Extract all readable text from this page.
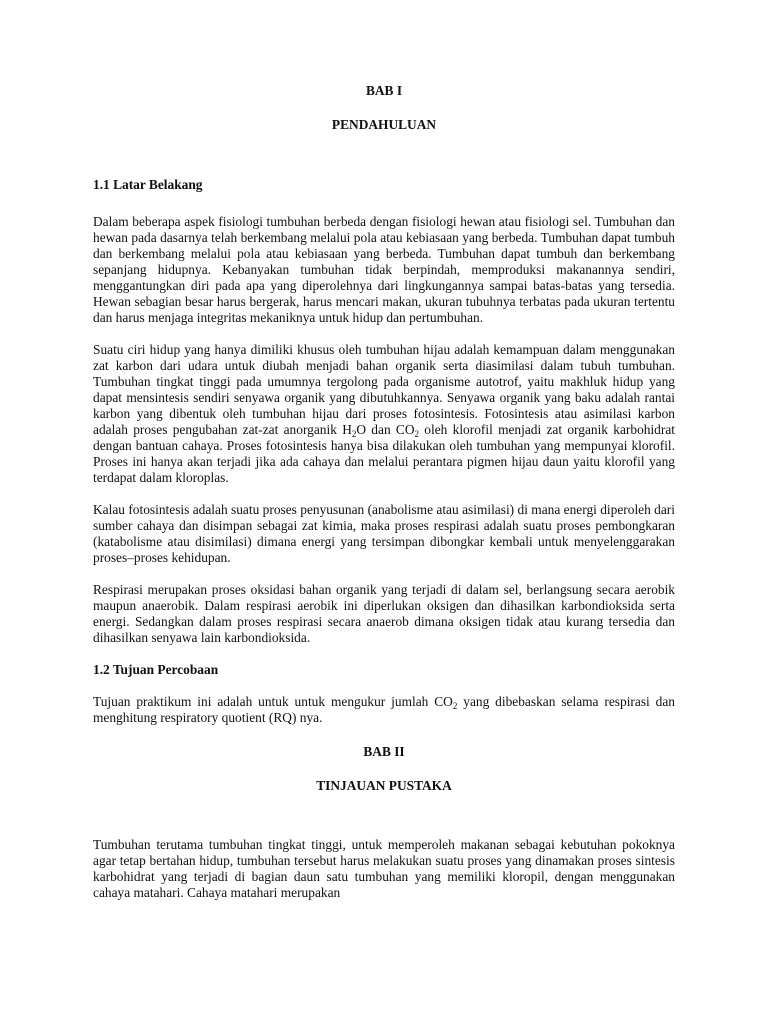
BAB I
PENDAHULUAN
1.1 Latar Belakang
Dalam beberapa aspek fisiologi tumbuhan berbeda dengan fisiologi hewan atau fisiologi sel. Tumbuhan dan hewan pada dasarnya telah berkembang melalui pola atau kebiasaan yang berbeda. Tumbuhan dapat tumbuh dan berkembang melalui pola atau kebiasaan yang berbeda. Tumbuhan dapat tumbuh dan berkembang sepanjang hidupnya. Kebanyakan tumbuhan tidak berpindah, memproduksi makanannya sendiri, menggantungkan diri pada apa yang diperolehnya dari lingkungannya sampai batas-batas yang tersedia. Hewan sebagian besar harus bergerak, harus mencari makan, ukuran tubuhnya terbatas pada ukuran tertentu dan harus menjaga integritas mekaniknya untuk hidup dan pertumbuhan.
Suatu ciri hidup yang hanya dimiliki khusus oleh tumbuhan hijau adalah kemampuan dalam menggunakan zat karbon dari udara untuk diubah menjadi bahan organik serta diasimilasi dalam tubuh tumbuhan. Tumbuhan tingkat tinggi pada umumnya tergolong pada organisme autotrof, yaitu makhluk hidup yang dapat mensintesis sendiri senyawa organik yang dibutuhkannya. Senyawa organik yang baku adalah rantai karbon yang dibentuk oleh tumbuhan hijau dari proses fotosintesis. Fotosintesis atau asimilasi karbon adalah proses pengubahan zat-zat anorganik $H_2O$ dan $CO_2$ oleh klorofil menjadi zat organik karbohidrat dengan bantuan cahaya. Proses fotosintesis hanya bisa dilakukan oleh tumbuhan yang mempunyai klorofil. Proses ini hanya akan terjadi jika ada cahaya dan melalui perantara pigmen hijau daun yaitu klorofil yang terdapat dalam kloroplas.
Kalau fotosintesis adalah suatu proses penyusunan (anabolisme atau asimilasi) di mana energi diperoleh dari sumber cahaya dan disimpan sebagai zat kimia, maka proses respirasi adalah suatu proses pembongkaran (katabolisme atau disimilasi) dimana energi yang tersimpan dibongkar kembali untuk menyelenggarakan proses–proses kehidupan.
Respirasi merupakan proses oksidasi bahan organik yang terjadi di dalam sel, berlangsung secara aerobik maupun anaerobik. Dalam respirasi aerobik ini diperlukan oksigen dan dihasilkan karbondioksida serta energi. Sedangkan dalam proses respirasi secara anaerob dimana oksigen tidak atau kurang tersedia dan dihasilkan senyawa lain karbondioksida.
1.2 Tujuan Percobaan
Tujuan praktikum ini adalah untuk untuk mengukur jumlah $CO_2$ yang dibebaskan selama respirasi dan menghitung respiratory quotient (RQ) nya.
BAB II
TINJAUAN PUSTAKA
Tumbuhan terutama tumbuhan tingkat tinggi, untuk memperoleh makanan sebagai kebutuhan pokoknya agar tetap bertahan hidup, tumbuhan tersebut harus melakukan suatu proses yang dinamakan proses sintesis karbohidrat yang terjadi di bagian daun satu tumbuhan yang memiliki kloropil, dengan menggunakan cahaya matahari. Cahaya matahari merupakan
